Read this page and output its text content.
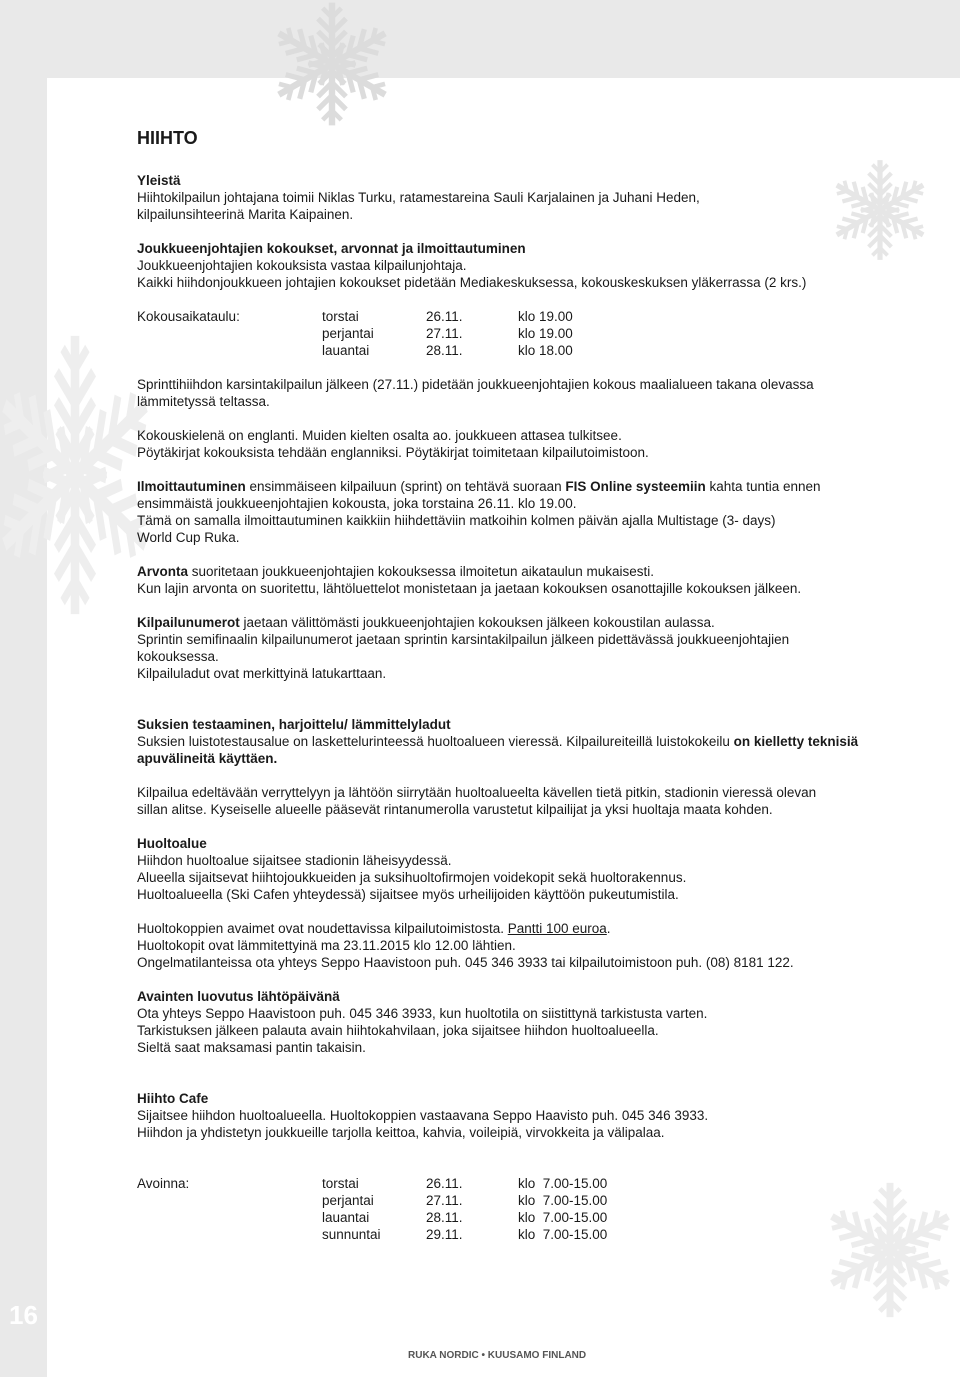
16
RUKA NORDIC • KUUSAMO FINLAND

HIIHTO

Yleistä

Hiihtokilpailun johtajana toimii Niklas Turku, ratamestareina Sauli Karjalainen ja Juhani Heden,

kilpailunsihteerinä Marita Kaipainen.

Joukkueenjohtajien kokoukset, arvonnat ja ilmoittautuminen

Joukkueenjohtajien kokouksista vastaa kilpailunjohtaja.

Kaikki hiihdonjoukkueen johtajien kokoukset pidetään Mediakeskuksessa, kokouskeskuksen yläkerrassa (2 krs.)

Kokousaikataulu:	torstai	26.11.	klo 19.00
perjantai	27.11.	klo 19.00
lauantai	28.11.	klo 18.00

Sprinttihiihdon karsintakilpailun jälkeen (27.11.) pidetään joukkueenjohtajien kokous maalialueen takana olevassa

lämmitetyssä teltassa.

Kokouskielenä on englanti. Muiden kielten osalta ao. joukkueen attasea tulkitsee.

Pöytäkirjat kokouksista tehdään englanniksi. Pöytäkirjat toimitetaan kilpailutoimistoon.

Ilmoittautuminen ensimmäiseen kilpailuun (sprint) on tehtävä suoraan FIS Online systeemiin kahta tuntia ennen

ensimmäistä joukkueenjohtajien kokousta, joka torstaina 26.11. klo 19.00.

Tämä on samalla ilmoittautuminen kaikkiin hiihdettäviin matkoihin kolmen päivän ajalla Multistage (3- days)

World Cup Ruka.

Arvonta suoritetaan joukkueenjohtajien kokouksessa ilmoitetun aikataulun mukaisesti.

Kun lajin arvonta on suoritettu, lähtöluettelot monistetaan ja jaetaan kokouksen osanottajille kokouksen jälkeen.

Kilpailunumerot jaetaan välittömästi joukkueenjohtajien kokouksen jälkeen kokoustilan aulassa.

Sprintin semifinaalin kilpailunumerot jaetaan sprintin karsintakilpailun jälkeen pidettävässä joukkueenjohtajien

kokouksessa.

Kilpailuladut ovat merkittyinä latukarttaan.

Suksien testaaminen, harjoittelu/ lämmittelyladut

Suksien luistotestausalue on laskettelurinteessä huoltoalueen vieressä. Kilpailureiteillä luistokokeilu on kielletty teknisiä

apuvälineitä käyttäen.

Kilpailua edeltävään verryttelyyn ja lähtöön siirrytään huoltoalueelta kävellen tietä pitkin, stadionin vieressä olevan

sillan alitse. Kyseiselle alueelle pääsevät rintanumerolla varustetut kilpailijat ja yksi huoltaja maata kohden.

Huoltoalue

Hiihdon huoltoalue sijaitsee stadionin läheisyydessä.

Alueella sijaitsevat hiihtojoukkueiden ja suksihuoltofirmojen voidekopit sekä huoltorakennus.

Huoltoalueella (Ski Cafen yhteydessä) sijaitsee myös urheilijoiden käyttöön pukeutumistila.

Huoltokoppien avaimet ovat noudettavissa kilpailutoimistosta. Pantti 100 euroa.

Huoltokopit ovat lämmitettyinä ma 23.11.2015 klo 12.00 lähtien.

Ongelmatilanteissa ota yhteys Seppo Haavistoon puh. 045 346 3933 tai kilpailutoimistoon puh. (08) 8181 122.

Avainten luovutus lähtöpäivänä

Ota yhteys Seppo Haavistoon puh. 045 346 3933, kun huoltotila on siistittynä tarkistusta varten.

Tarkistuksen jälkeen palauta avain hiihtokahvilaan, joka sijaitsee hiihdon huoltoalueella.

Sieltä saat maksamasi pantin takaisin.

Hiihto Cafe

Sijaitsee hiihdon huoltoalueella. Huoltokoppien vastaavana Seppo Haavisto puh. 045 346 3933.

Hiihdon ja yhdistetyn joukkueille tarjolla keittoa, kahvia, voileipiä, virvokkeita ja välipalaa.

Avoinna:	torstai	26.11.	klo  7.00-15.00
perjantai	27.11.	klo  7.00-15.00
lauantai	28.11.	klo  7.00-15.00
sunnuntai	29.11.	klo  7.00-15.00
